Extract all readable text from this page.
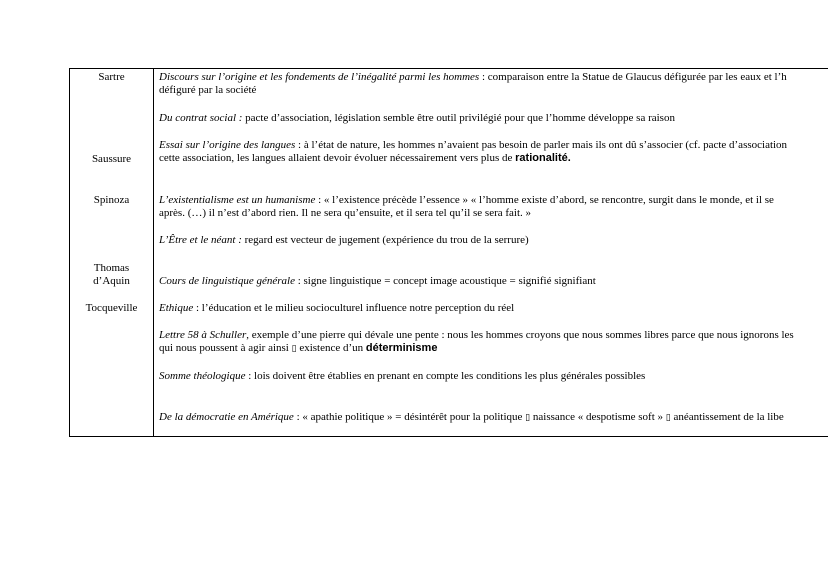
Sartre
Saussure
Spinoza
Thomas
d’Aquin
Tocqueville
Discours sur l’origine et les fondements de l’inégalité parmi les hommes : comparaison entre la Statue de Glaucus défigurée par les eaux et l’h
défiguré par la société
Du contrat social : pacte d’association, législation semble être outil privilégié pour que l’homme développe sa raison
Essai sur l’origine des langues : à l’état de nature, les hommes n’avaient pas besoin de parler mais ils ont dû s’associer (cf. pacte d’association
cette association, les langues allaient devoir évoluer nécessairement vers plus de rationalité.
L’existentialisme est un humanisme : « l’existence précède l’essence » « l’homme existe d’abord, se rencontre, surgit dans le monde, et il se
après. (…) il n’est d’abord rien. Il ne sera qu’ensuite, et il sera tel qu’il se sera fait. »
L’Être et le néant : regard est vecteur de jugement (expérience du trou de la serrure)
Cours de linguistique générale : signe linguistique = concept image acoustique = signifié signifiant
Ethique : l’éducation et le milieu socioculturel influence notre perception du réel
Lettre 58 à Schuller, exemple d’une pierre qui dévale une pente : nous les hommes croyons que nous sommes libres parce que nous ignorons les
qui nous poussent à agir ainsi ▯ existence d’un déterminisme
Somme théologique : lois doivent être établies en prenant en compte les conditions les plus générales possibles
De la démocratie en Amérique : « apathie politique » = désintérêt pour la politique ▯ naissance « despotisme soft » ▯ anéantissement de la libe
